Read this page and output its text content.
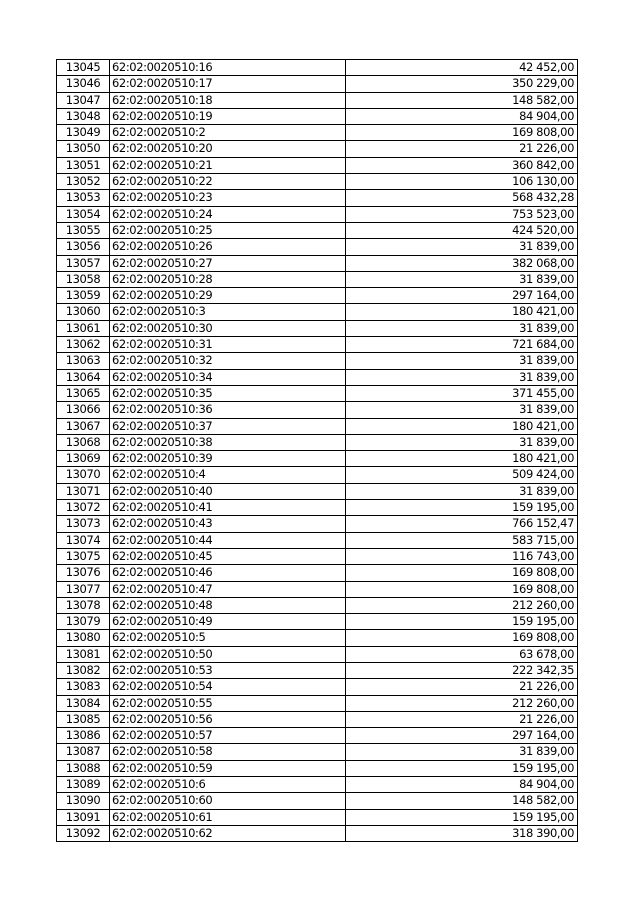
13045	62:02:0020510:16	42 452,00
13046	62:02:0020510:17	350 229,00
13047	62:02:0020510:18	148 582,00
13048	62:02:0020510:19	84 904,00
13049	62:02:0020510:2	169 808,00
13050	62:02:0020510:20	21 226,00
13051	62:02:0020510:21	360 842,00
13052	62:02:0020510:22	106 130,00
13053	62:02:0020510:23	568 432,28
13054	62:02:0020510:24	753 523,00
13055	62:02:0020510:25	424 520,00
13056	62:02:0020510:26	31 839,00
13057	62:02:0020510:27	382 068,00
13058	62:02:0020510:28	31 839,00
13059	62:02:0020510:29	297 164,00
13060	62:02:0020510:3	180 421,00
13061	62:02:0020510:30	31 839,00
13062	62:02:0020510:31	721 684,00
13063	62:02:0020510:32	31 839,00
13064	62:02:0020510:34	31 839,00
13065	62:02:0020510:35	371 455,00
13066	62:02:0020510:36	31 839,00
13067	62:02:0020510:37	180 421,00
13068	62:02:0020510:38	31 839,00
13069	62:02:0020510:39	180 421,00
13070	62:02:0020510:4	509 424,00
13071	62:02:0020510:40	31 839,00
13072	62:02:0020510:41	159 195,00
13073	62:02:0020510:43	766 152,47
13074	62:02:0020510:44	583 715,00
13075	62:02:0020510:45	116 743,00
13076	62:02:0020510:46	169 808,00
13077	62:02:0020510:47	169 808,00
13078	62:02:0020510:48	212 260,00
13079	62:02:0020510:49	159 195,00
13080	62:02:0020510:5	169 808,00
13081	62:02:0020510:50	63 678,00
13082	62:02:0020510:53	222 342,35
13083	62:02:0020510:54	21 226,00
13084	62:02:0020510:55	212 260,00
13085	62:02:0020510:56	21 226,00
13086	62:02:0020510:57	297 164,00
13087	62:02:0020510:58	31 839,00
13088	62:02:0020510:59	159 195,00
13089	62:02:0020510:6	84 904,00
13090	62:02:0020510:60	148 582,00
13091	62:02:0020510:61	159 195,00
13092	62:02:0020510:62	318 390,00
